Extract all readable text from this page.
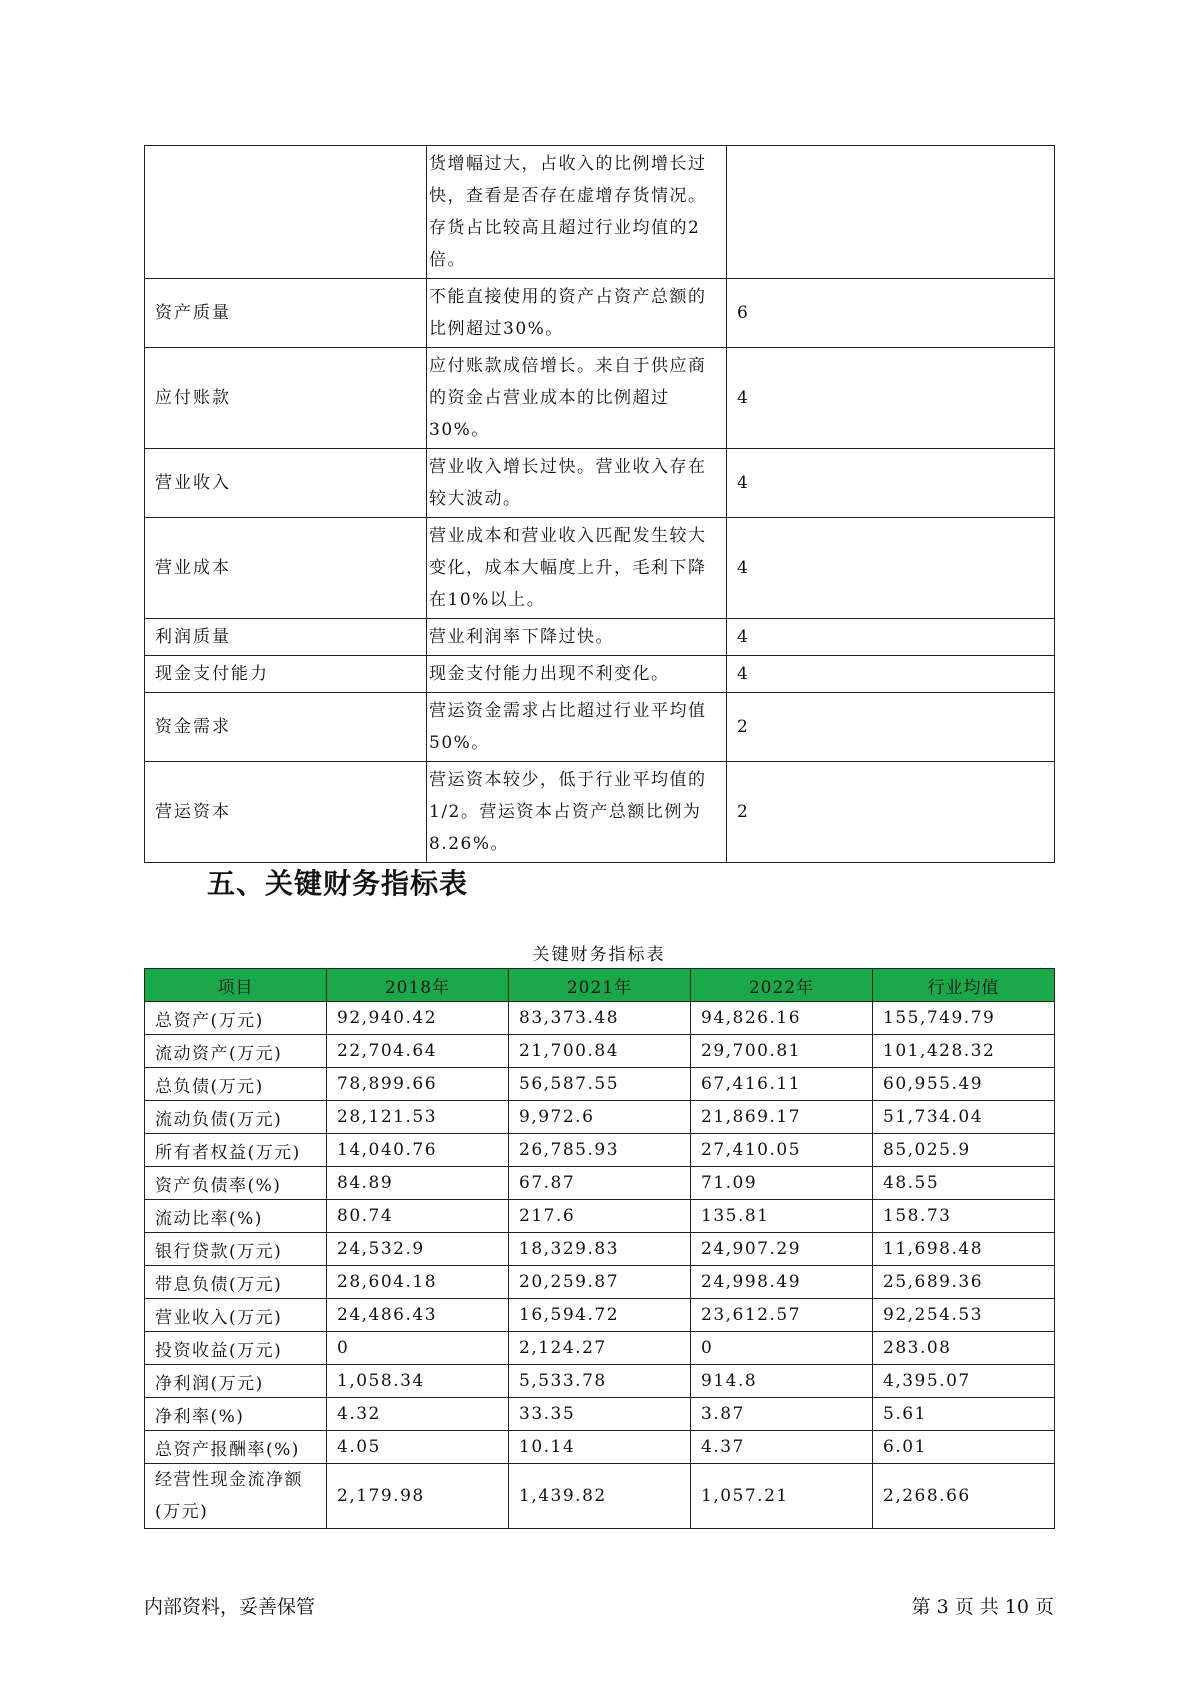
	货增幅过大，占收入的比例增长过快，查看是否存在虚增存货情况。存货占比较高且超过行业均值的2倍。	
资产质量	不能直接使用的资产占资产总额的比例超过30%。	6
应付账款	应付账款成倍增长。来自于供应商的资金占营业成本的比例超过30%。	4
营业收入	营业收入增长过快。营业收入存在较大波动。	4
营业成本	营业成本和营业收入匹配发生较大变化，成本大幅度上升，毛利下降在10%以上。	4
利润质量	营业利润率下降过快。	4
现金支付能力	现金支付能力出现不利变化。	4
资金需求	营运资金需求占比超过行业平均值50%。	2
营运资本	营运资本较少，低于行业平均值的1/2。营运资本占资产总额比例为8.26%。	2
五、关键财务指标表
关键财务指标表
项目	2018年	2021年	2022年	行业均值
总资产(万元)	92,940.42	83,373.48	94,826.16	155,749.79
流动资产(万元)	22,704.64	21,700.84	29,700.81	101,428.32
总负债(万元)	78,899.66	56,587.55	67,416.11	60,955.49
流动负债(万元)	28,121.53	9,972.6	21,869.17	51,734.04
所有者权益(万元)	14,040.76	26,785.93	27,410.05	85,025.9
资产负债率(%)	84.89	67.87	71.09	48.55
流动比率(%)	80.74	217.6	135.81	158.73
银行贷款(万元)	24,532.9	18,329.83	24,907.29	11,698.48
带息负债(万元)	28,604.18	20,259.87	24,998.49	25,689.36
营业收入(万元)	24,486.43	16,594.72	23,612.57	92,254.53
投资收益(万元)	0	2,124.27	0	283.08
净利润(万元)	1,058.34	5,533.78	914.8	4,395.07
净利率(%)	4.32	33.35	3.87	5.61
总资产报酬率(%)	4.05	10.14	4.37	6.01
经营性现金流净额(万元)	2,179.98	1,439.82	1,057.21	2,268.66
内部资料，妥善保管	第 3 页 共 10 页
